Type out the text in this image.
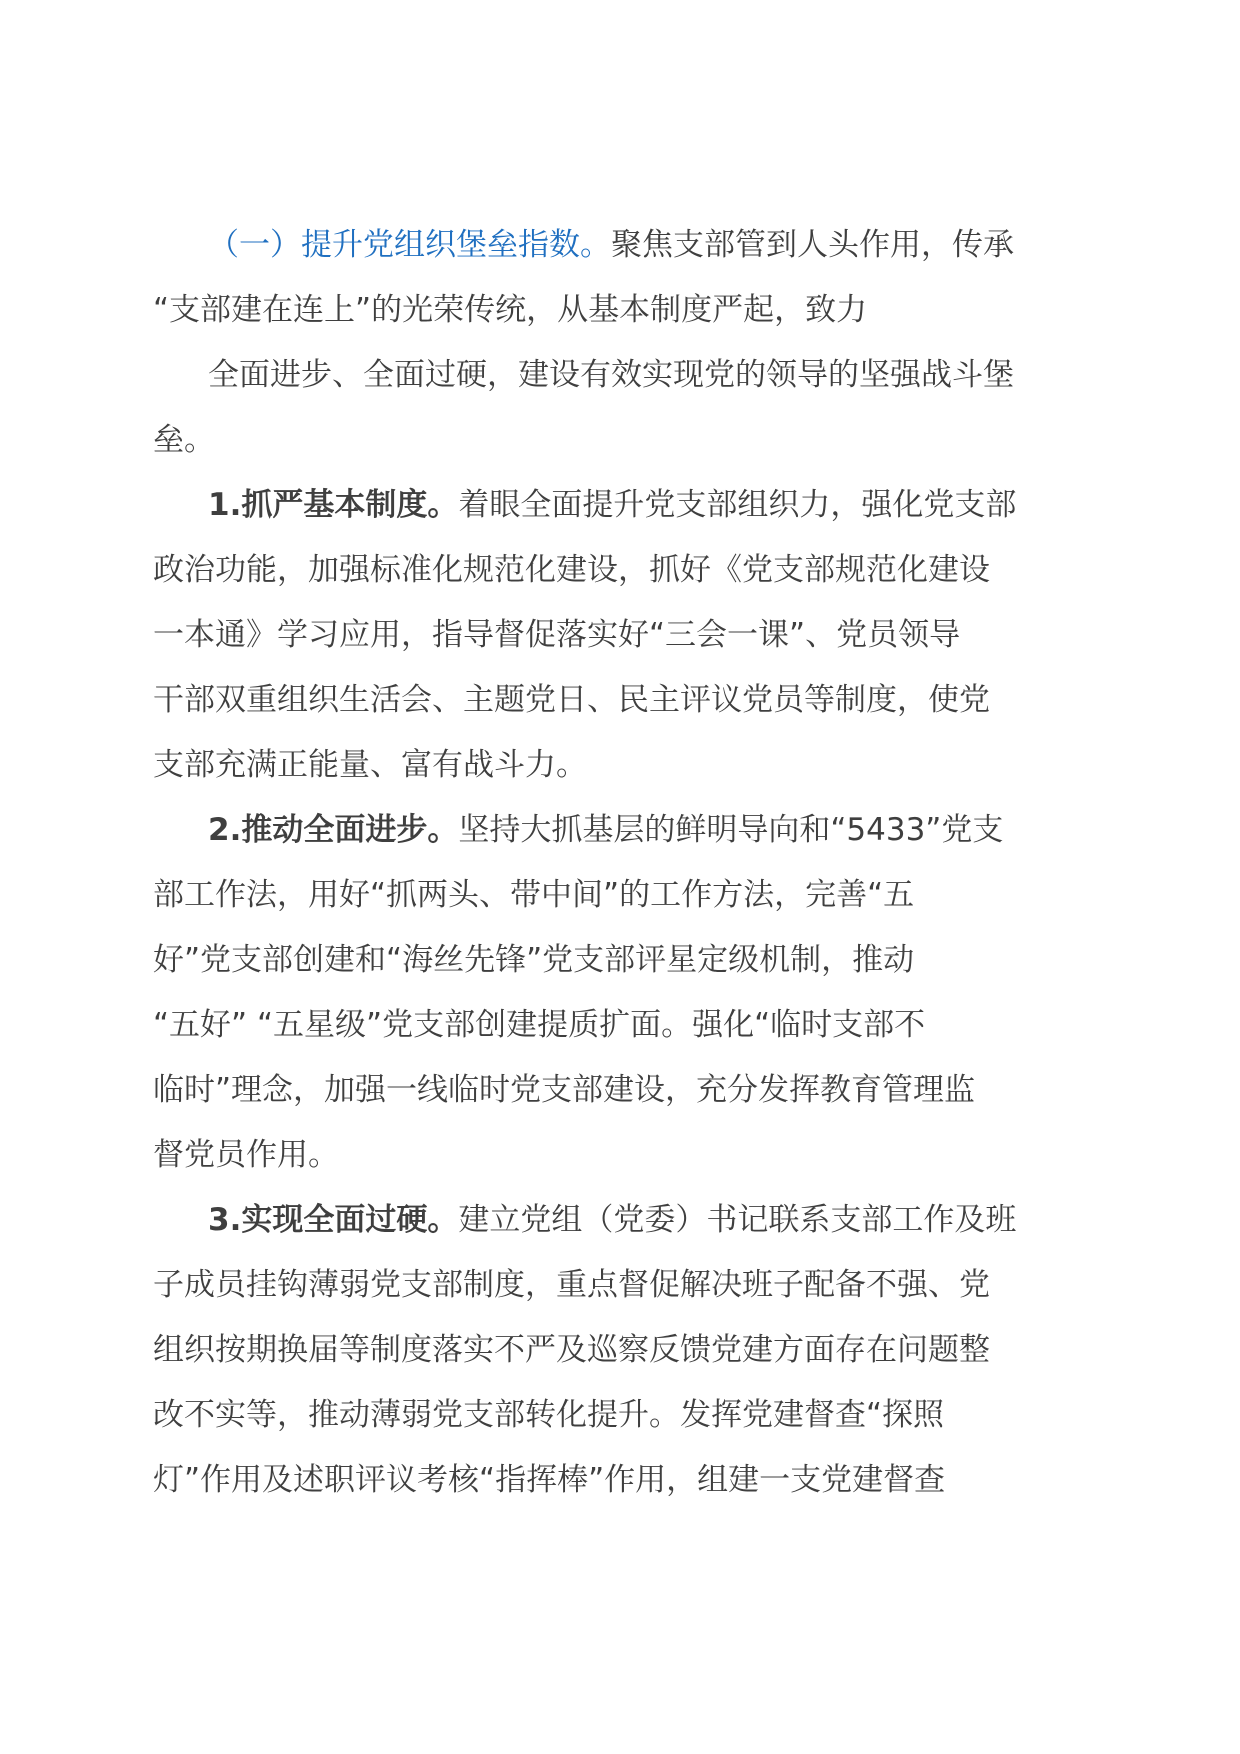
（一）提升党组织堡垒指数。聚焦支部管到人头作用，传承
“支部建在连上”的光荣传统，从基本制度严起，致力
全面进步、全面过硬，建设有效实现党的领导的坚强战斗堡
垒。
1.抓严基本制度。着眼全面提升党支部组织力，强化党支部
政治功能，加强标准化规范化建设，抓好《党支部规范化建设
一本通》学习应用，指导督促落实好“三会一课”、党员领导
干部双重组织生活会、主题党日、民主评议党员等制度，使党
支部充满正能量、富有战斗力。
2.推动全面进步。坚持大抓基层的鲜明导向和“5433”党支
部工作法，用好“抓两头、带中间”的工作方法，完善“五
好”党支部创建和“海丝先锋”党支部评星定级机制，推动
“五好” “五星级”党支部创建提质扩面。强化“临时支部不
临时”理念，加强一线临时党支部建设，充分发挥教育管理监
督党员作用。
3.实现全面过硬。建立党组（党委）书记联系支部工作及班
子成员挂钩薄弱党支部制度，重点督促解决班子配备不强、党
组织按期换届等制度落实不严及巡察反馈党建方面存在问题整
改不实等，推动薄弱党支部转化提升。发挥党建督查“探照
灯”作用及述职评议考核“指挥棒”作用，组建一支党建督查
